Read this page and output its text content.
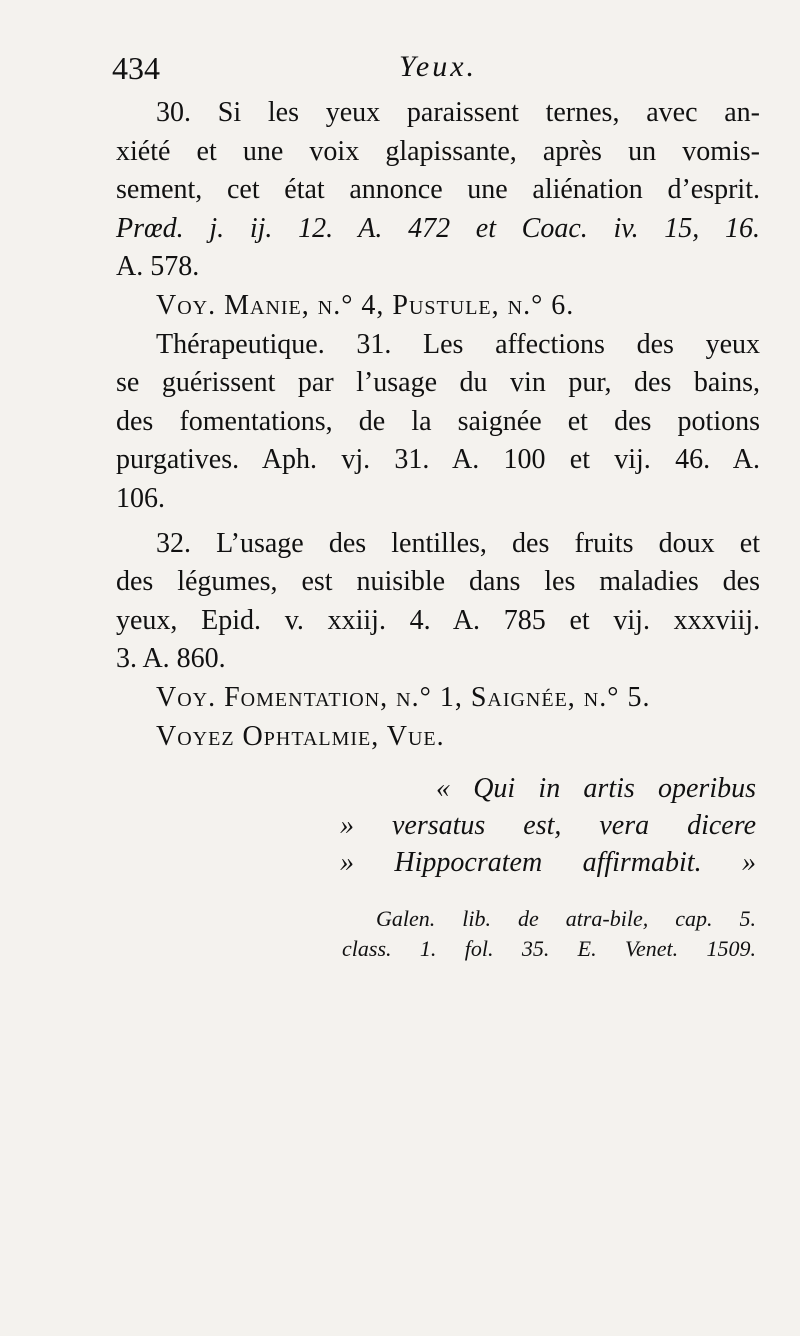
434	Yeux.
30. Si les yeux paraissent ternes, avec an-
xiété et une voix glapissante, après un vomis-
sement, cet état annonce une aliénation d’esprit.
Prœd. j. ij. 12. A. 472 et Coac. iv. 15, 16.
A. 578.
Voy. Manie, n.° 4, Pustule, n.° 6.
Thérapeutique. 31. Les affections des yeux
se guérissent par l’usage du vin pur, des bains,
des fomentations, de la saignée et des potions
purgatives. Aph. vj. 31. A. 100 et vij. 46. A.
106.
32. L’usage des lentilles, des fruits doux et
des légumes, est nuisible dans les maladies des
yeux, Epid. v. xxiij. 4. A. 785 et vij. xxxviij.
3. A. 860.
Voy. Fomentation, n.° 1, Saignée, n.° 5.
Voyez Ophtalmie, Vue.
« Qui in artis operibus
» versatus est, vera dicere
» Hippocratem affirmabit. »
Galen. lib. de atra-bile, cap. 5.
class. 1. fol. 35. E. Venet. 1509.
